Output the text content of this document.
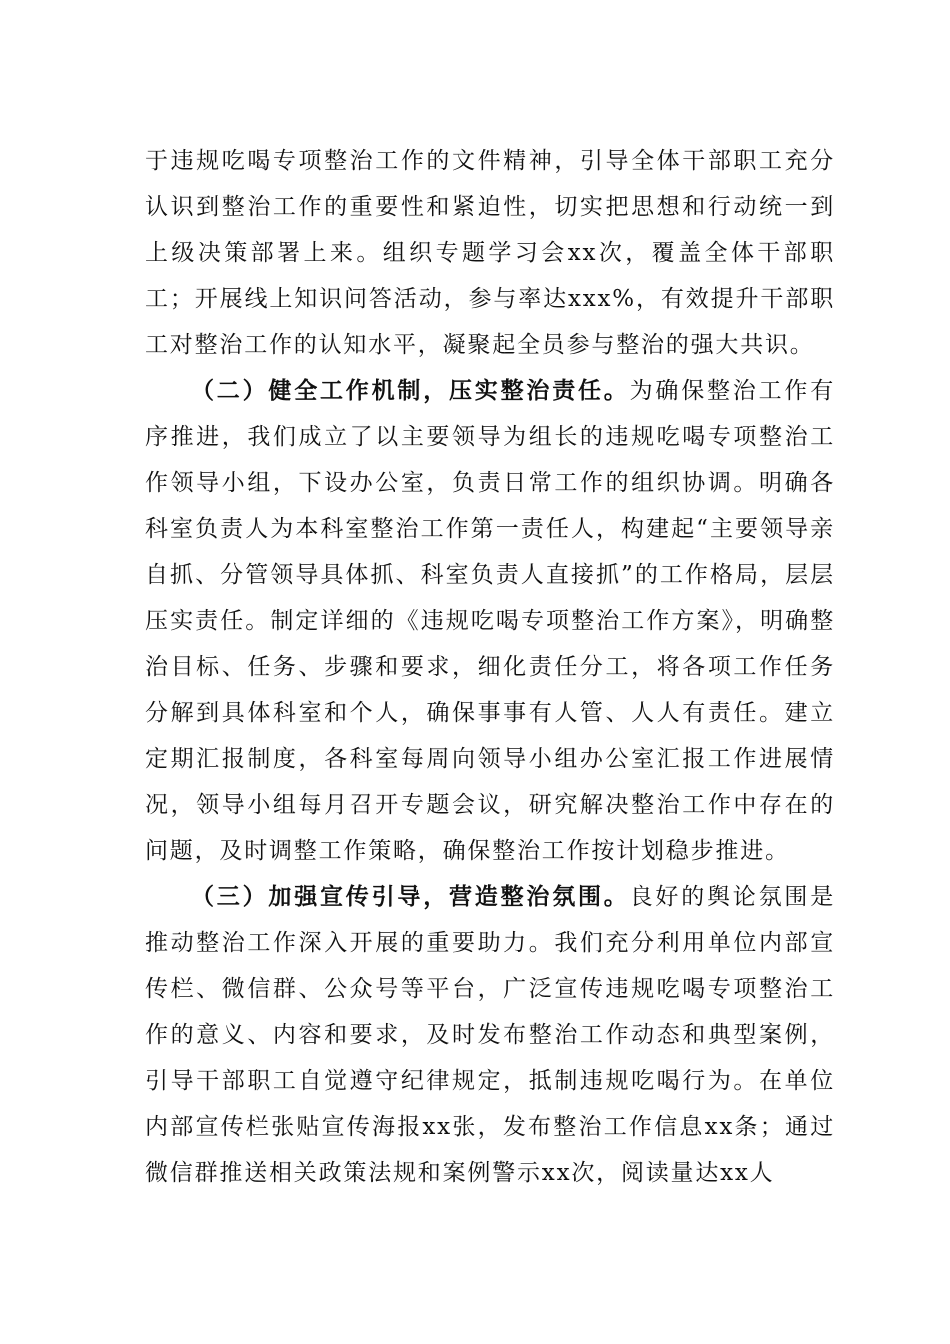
于违规吃喝专项整治工作的文件精神，引导全体干部职工充分认识到整治工作的重要性和紧迫性，切实把思想和行动统一到上级决策部署上来。组织专题学习会xx次，覆盖全体干部职工；开展线上知识问答活动，参与率达xxx%，有效提升干部职工对整治工作的认知水平，凝聚起全员参与整治的强大共识。

（二）健全工作机制，压实整治责任。为确保整治工作有序推进，我们成立了以主要领导为组长的违规吃喝专项整治工作领导小组，下设办公室，负责日常工作的组织协调。明确各科室负责人为本科室整治工作第一责任人，构建起“主要领导亲自抓、分管领导具体抓、科室负责人直接抓”的工作格局，层层压实责任。制定详细的《违规吃喝专项整治工作方案》，明确整治目标、任务、步骤和要求，细化责任分工，将各项工作任务分解到具体科室和个人，确保事事有人管、人人有责任。建立定期汇报制度，各科室每周向领导小组办公室汇报工作进展情况，领导小组每月召开专题会议，研究解决整治工作中存在的问题，及时调整工作策略，确保整治工作按计划稳步推进。

（三）加强宣传引导，营造整治氛围。良好的舆论氛围是推动整治工作深入开展的重要助力。我们充分利用单位内部宣传栏、微信群、公众号等平台，广泛宣传违规吃喝专项整治工作的意义、内容和要求，及时发布整治工作动态和典型案例，引导干部职工自觉遵守纪律规定，抵制违规吃喝行为。在单位内部宣传栏张贴宣传海报xx张，发布整治工作信息xx条；通过微信群推送相关政策法规和案例警示xx次，阅读量达xx人
